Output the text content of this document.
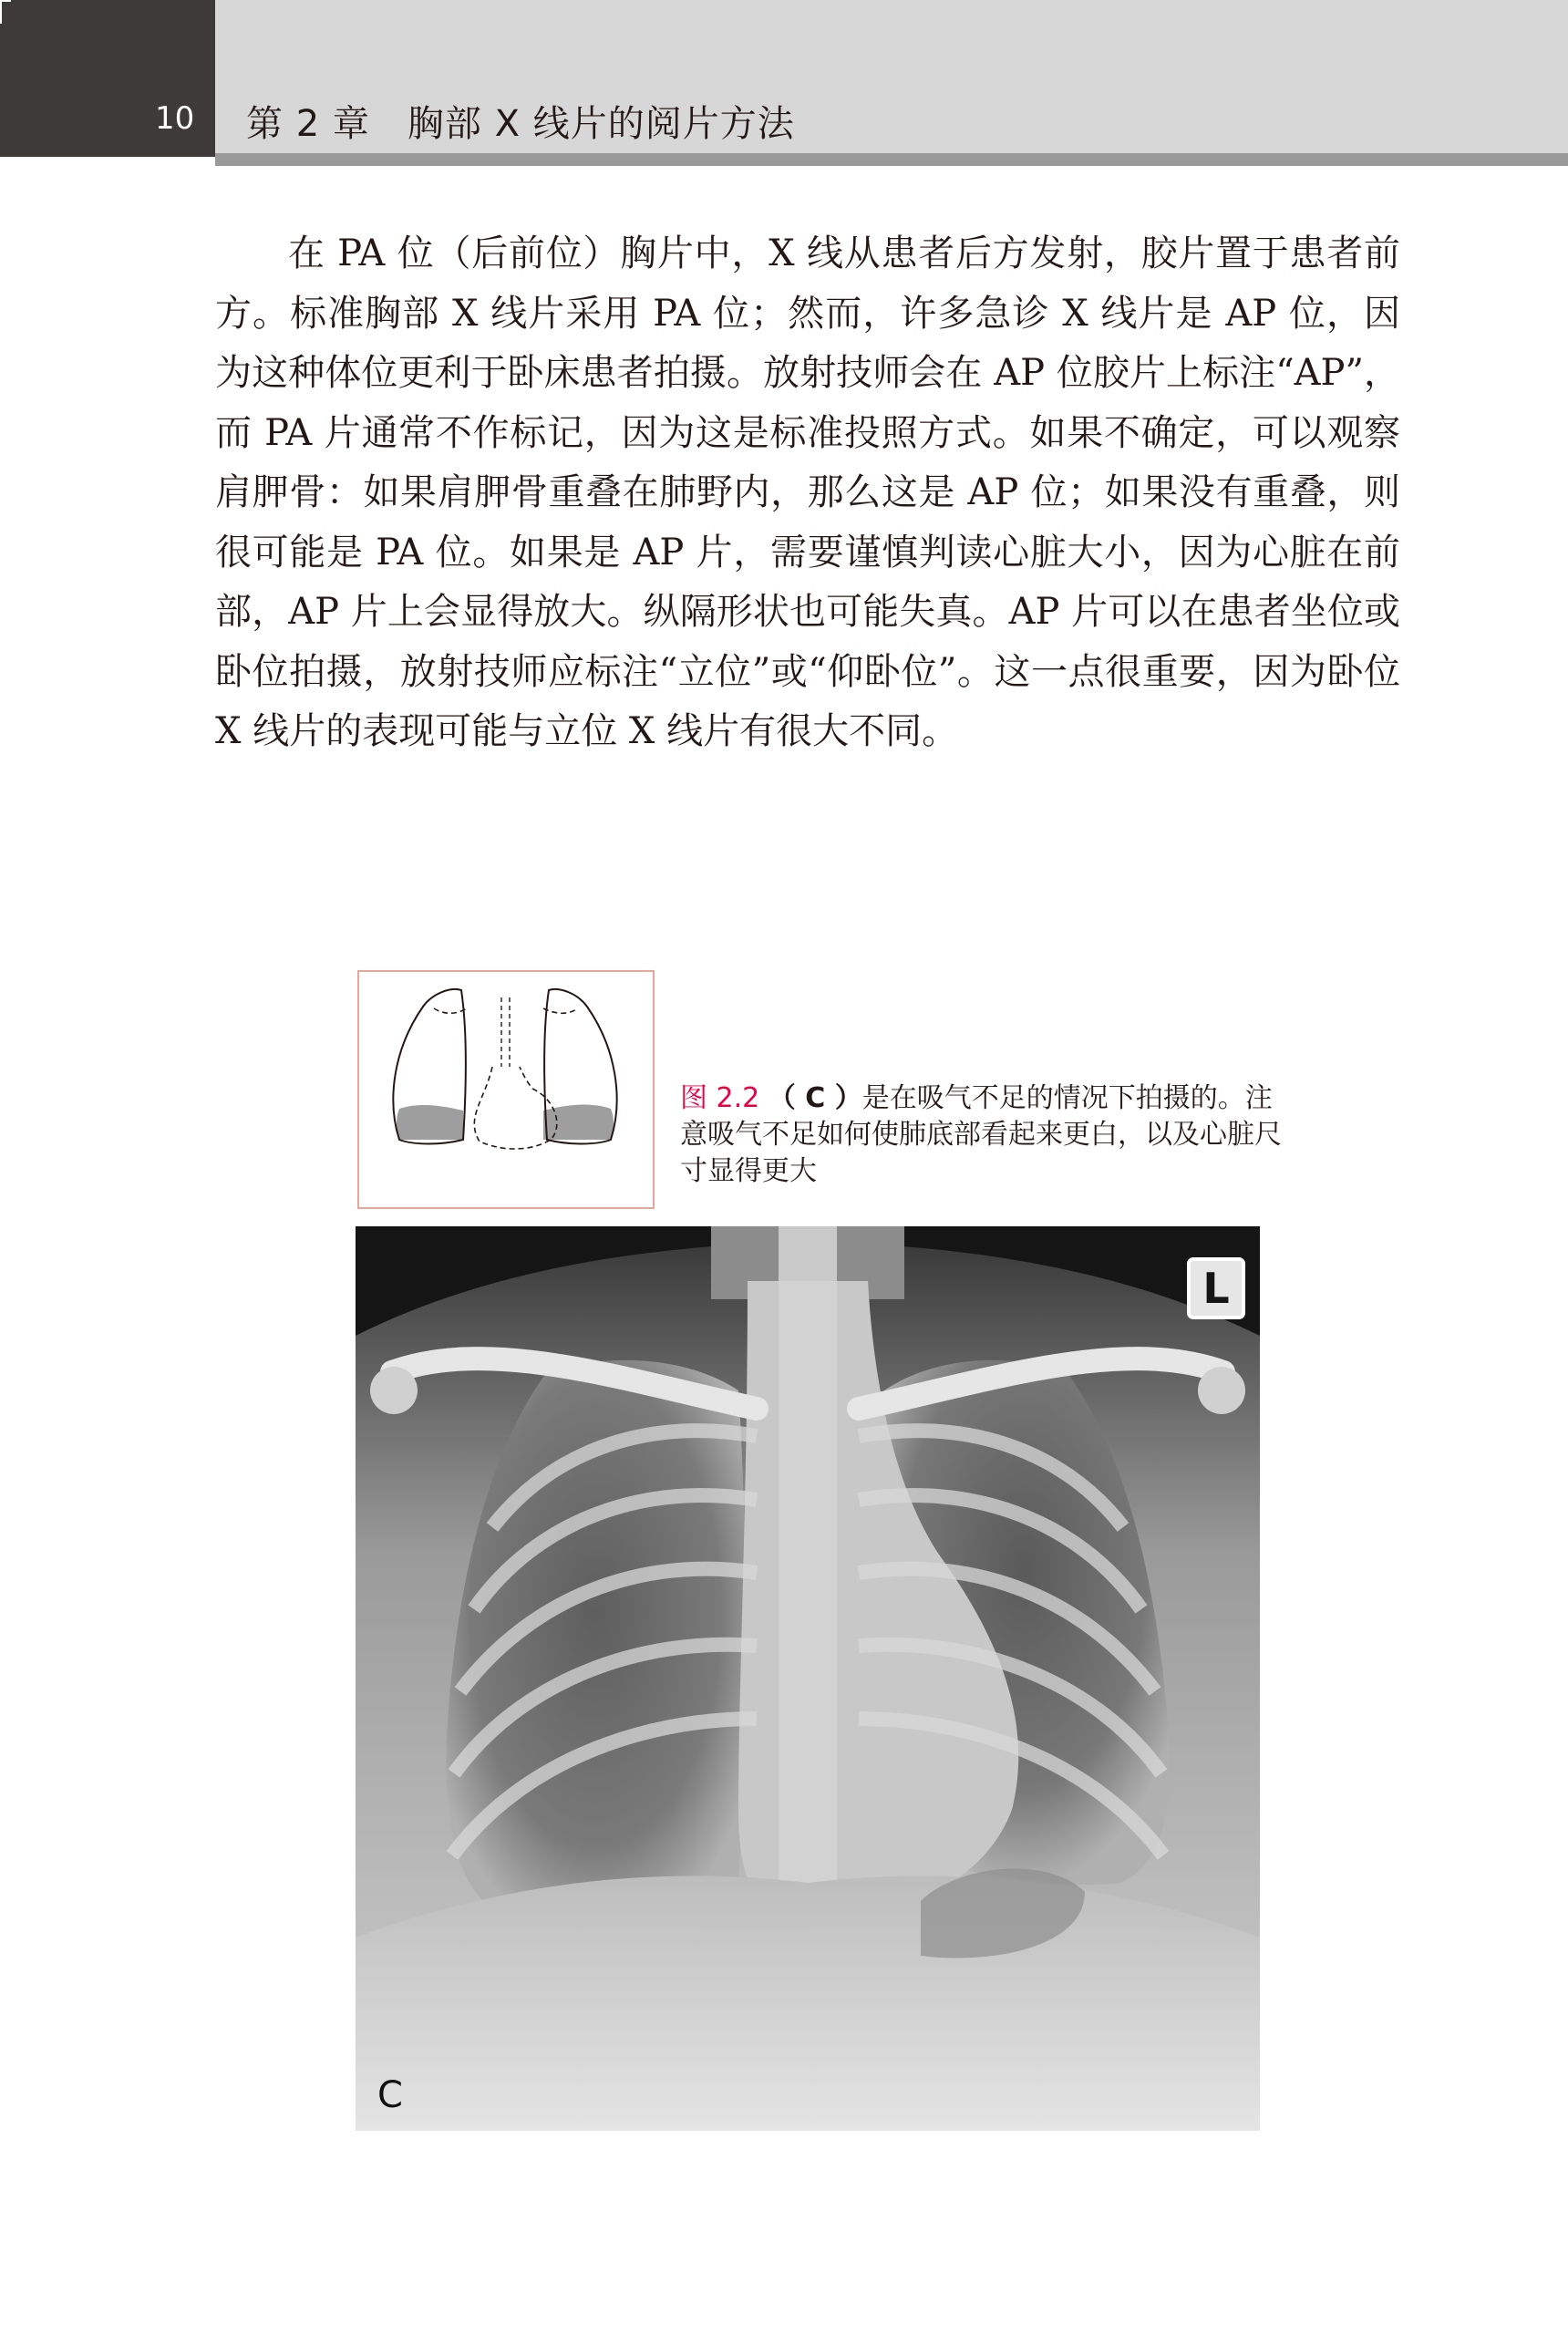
10	第 2 章　胸部 X 线片的阅片方法
在 PA 位（后前位）胸片中，X 线从患者后方发射，胶片置于患者前方。标准胸部 X 线片采用 PA 位；然而，许多急诊 X 线片是 AP 位，因为这种体位更利于卧床患者拍摄。放射技师会在 AP 位胶片上标注“AP”，而 PA 片通常不作标记，因为这是标准投照方式。如果不确定，可以观察肩胛骨：如果肩胛骨重叠在肺野内，那么这是 AP 位；如果没有重叠，则很可能是 PA 位。如果是 AP 片，需要谨慎判读心脏大小，因为心脏在前部，AP 片上会显得放大。纵隔形状也可能失真。AP 片可以在患者坐位或卧位拍摄，放射技师应标注“立位”或“仰卧位”。这一点很重要，因为卧位 X 线片的表现可能与立位 X 线片有很大不同。
图 2.2 （ C ）是在吸气不足的情况下拍摄的。注意吸气不足如何使肺底部看起来更白，以及心脏尺寸显得更大
L
C
